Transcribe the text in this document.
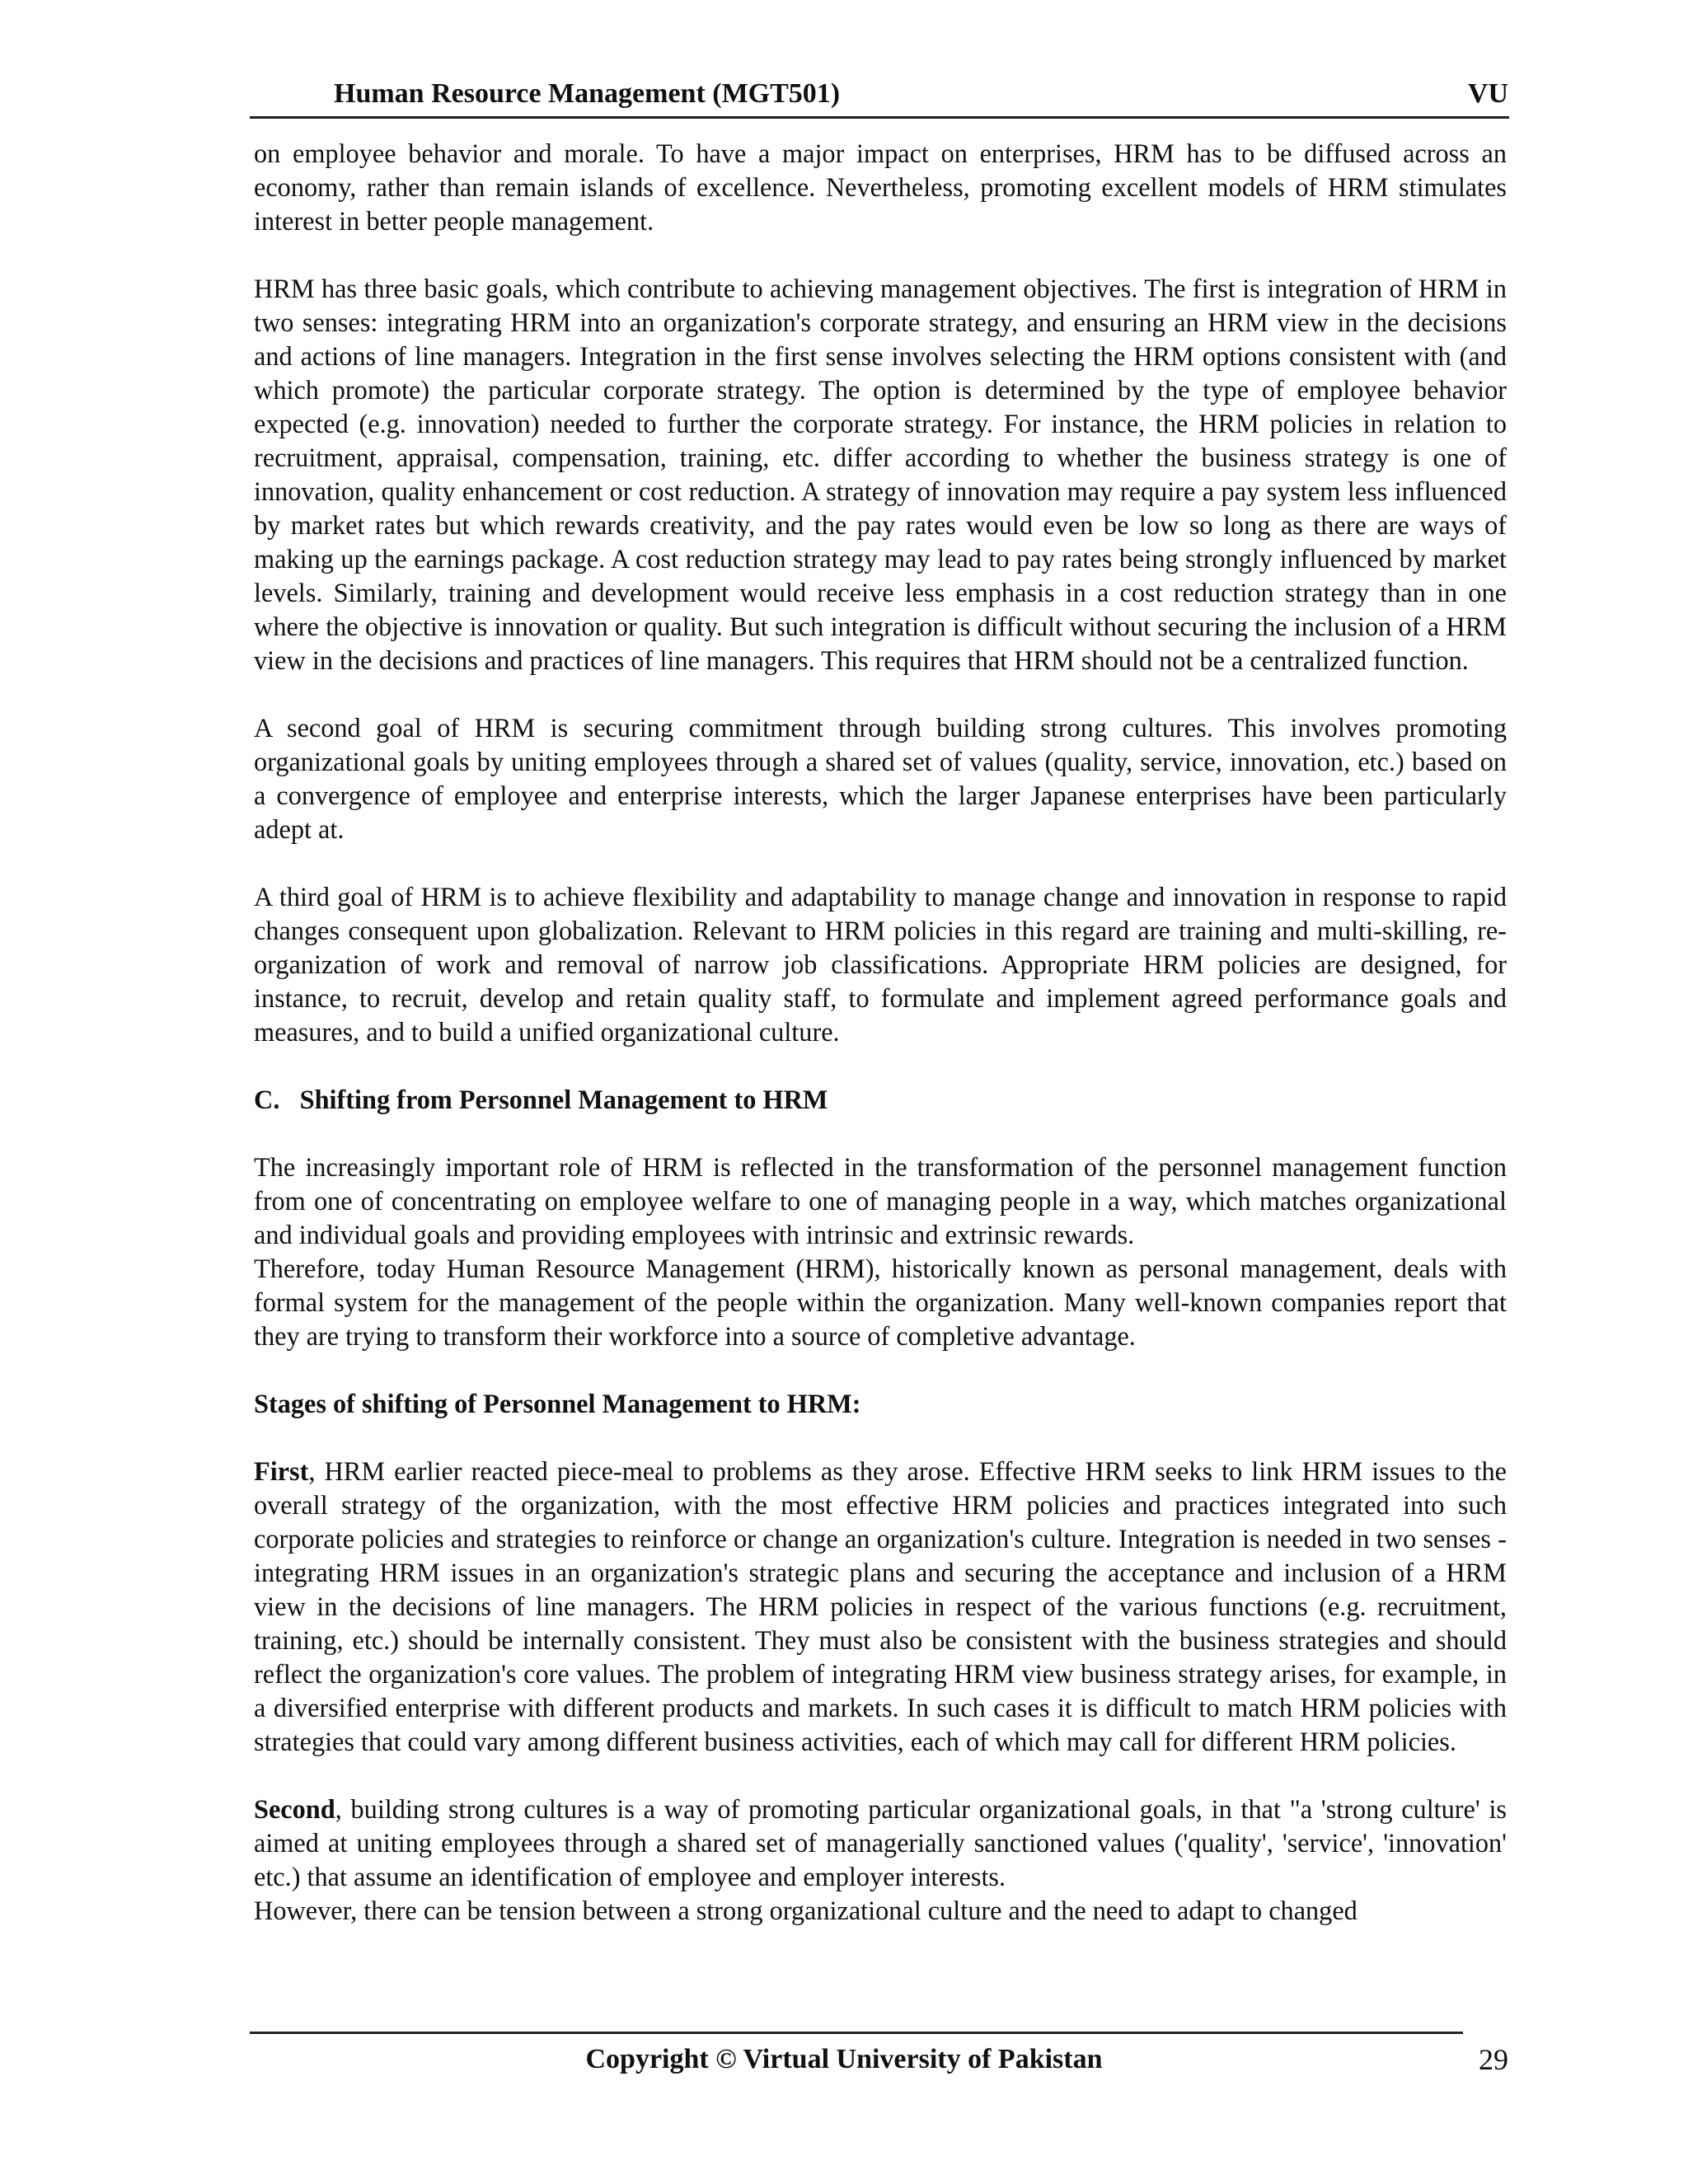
Human Resource Management (MGT501)	VU

on employee behavior and morale. To have a major impact on enterprises, HRM has to be diffused across an economy, rather than remain islands of excellence. Nevertheless, promoting excellent models of HRM stimulates interest in better people management.

HRM has three basic goals, which contribute to achieving management objectives. The first is integration of HRM in two senses: integrating HRM into an organization's corporate strategy, and ensuring an HRM view in the decisions and actions of line managers. Integration in the first sense involves selecting the HRM options consistent with (and which promote) the particular corporate strategy. The option is determined by the type of employee behavior expected (e.g. innovation) needed to further the corporate strategy. For instance, the HRM policies in relation to recruitment, appraisal, compensation, training, etc. differ according to whether the business strategy is one of innovation, quality enhancement or cost reduction. A strategy of innovation may require a pay system less influenced by market rates but which rewards creativity, and the pay rates would even be low so long as there are ways of making up the earnings package. A cost reduction strategy may lead to pay rates being strongly influenced by market levels. Similarly, training and development would receive less emphasis in a cost reduction strategy than in one where the objective is innovation or quality. But such integration is difficult without securing the inclusion of a HRM view in the decisions and practices of line managers. This requires that HRM should not be a centralized function.

A second goal of HRM is securing commitment through building strong cultures. This involves promoting organizational goals by uniting employees through a shared set of values (quality, service, innovation, etc.) based on a convergence of employee and enterprise interests, which the larger Japanese enterprises have been particularly adept at.

A third goal of HRM is to achieve flexibility and adaptability to manage change and innovation in response to rapid changes consequent upon globalization. Relevant to HRM policies in this regard are training and multi-skilling, re-organization of work and removal of narrow job classifications. Appropriate HRM policies are designed, for instance, to recruit, develop and retain quality staff, to formulate and implement agreed performance goals and measures, and to build a unified organizational culture.

C.   Shifting from Personnel Management to HRM

The increasingly important role of HRM is reflected in the transformation of the personnel management function from one of concentrating on employee welfare to one of managing people in a way, which matches organizational and individual goals and providing employees with intrinsic and extrinsic rewards.

Therefore, today Human Resource Management (HRM), historically known as personal management, deals with formal system for the management of the people within the organization. Many well-known companies report that they are trying to transform their workforce into a source of completive advantage.

Stages of shifting of Personnel Management to HRM:

First, HRM earlier reacted piece-meal to problems as they arose. Effective HRM seeks to link HRM issues to the overall strategy of the organization, with the most effective HRM policies and practices integrated into such corporate policies and strategies to reinforce or change an organization's culture. Integration is needed in two senses - integrating HRM issues in an organization's strategic plans and securing the acceptance and inclusion of a HRM view in the decisions of line managers. The HRM policies in respect of the various functions (e.g. recruitment, training, etc.) should be internally consistent. They must also be consistent with the business strategies and should reflect the organization's core values. The problem of integrating HRM view business strategy arises, for example, in a diversified enterprise with different products and markets. In such cases it is difficult to match HRM policies with strategies that could vary among different business activities, each of which may call for different HRM policies.

Second, building strong cultures is a way of promoting particular organizational goals, in that "a 'strong culture' is aimed at uniting employees through a shared set of managerially sanctioned values ('quality', 'service', 'innovation' etc.) that assume an identification of employee and employer interests.

However, there can be tension between a strong organizational culture and the need to adapt to changed

Copyright © Virtual University of Pakistan	29
